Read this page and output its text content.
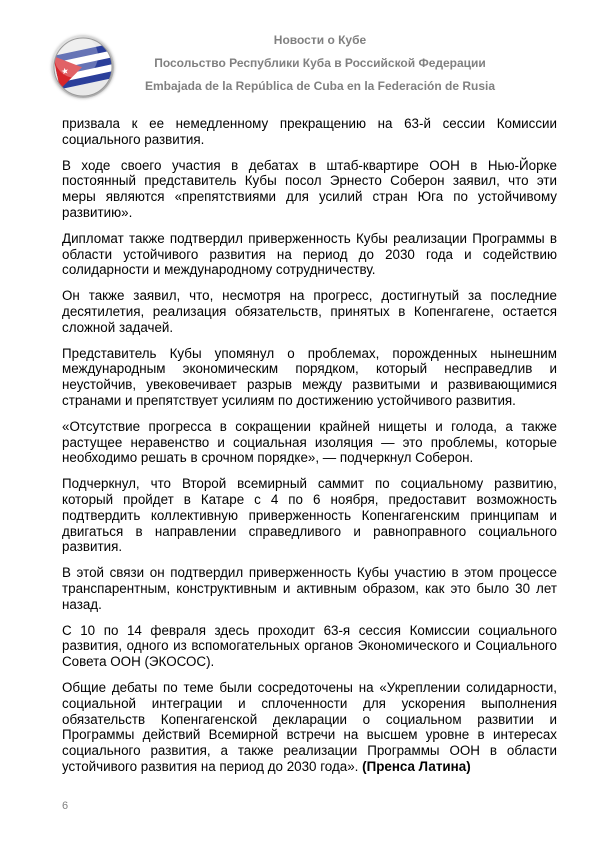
Новости о Кубе
Посольство Республики Куба в Российской Федерации
Embajada de la República de Cuba en la Federación de Rusia

призвала к ее немедленному прекращению на 63-й сессии Комиссии социального развития.

В ходе своего участия в дебатах в штаб-квартире ООН в Нью-Йорке постоянный представитель Кубы посол Эрнесто Соберон заявил, что эти меры являются «препятствиями для усилий стран Юга по устойчивому развитию».

Дипломат также подтвердил приверженность Кубы реализации Программы в области устойчивого развития на период до 2030 года и содействию солидарности и международному сотрудничеству.

Он также заявил, что, несмотря на прогресс, достигнутый за последние десятилетия, реализация обязательств, принятых в Копенгагене, остается сложной задачей.

Представитель Кубы упомянул о проблемах, порожденных нынешним международным экономическим порядком, который несправедлив и неустойчив, увековечивает разрыв между развитыми и развивающимися странами и препятствует усилиям по достижению устойчивого развития.

«Отсутствие прогресса в сокращении крайней нищеты и голода, а также растущее неравенство и социальная изоляция — это проблемы, которые необходимо решать в срочном порядке», — подчеркнул Соберон.

Подчеркнул, что Второй всемирный саммит по социальному развитию, который пройдет в Катаре с 4 по 6 ноября, предоставит возможность подтвердить коллективную приверженность Копенгагенским принципам и двигаться в направлении справедливого и равноправного социального развития.

В этой связи он подтвердил приверженность Кубы участию в этом процессе транспарентным, конструктивным и активным образом, как это было 30 лет назад.

С 10 по 14 февраля здесь проходит 63-я сессия Комиссии социального развития, одного из вспомогательных органов Экономического и Социального Совета ООН (ЭКОСОС).

Общие дебаты по теме были сосредоточены на «Укреплении солидарности, социальной интеграции и сплоченности для ускорения выполнения обязательств Копенгагенской декларации о социальном развитии и Программы действий Всемирной встречи на высшем уровне в интересах социального развития, а также реализации Программы ООН в области устойчивого развития на период до 2030 года». (Пренса Латина)

6
